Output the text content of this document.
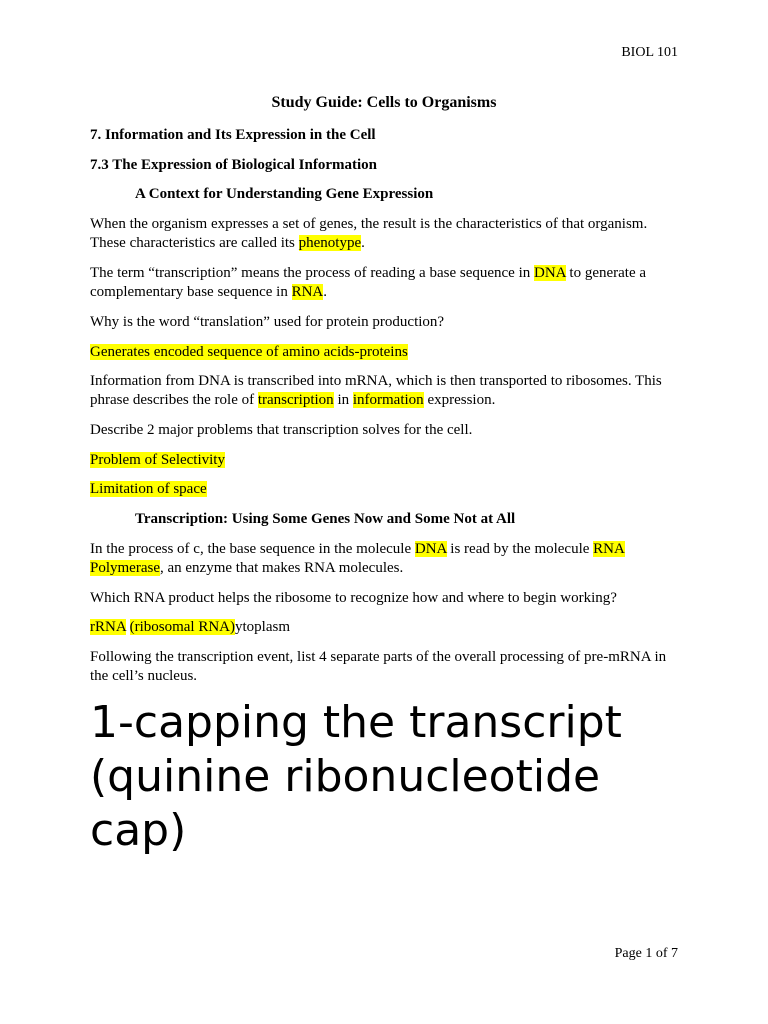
BIOL 101
Study Guide: Cells to Organisms
7. Information and Its Expression in the Cell
7.3 The Expression of Biological Information
A Context for Understanding Gene Expression
When the organism expresses a set of genes, the result is the characteristics of that organism. These characteristics are called its phenotype.
The term “transcription” means the process of reading a base sequence in DNA to generate a complementary base sequence in RNA.
Why is the word “translation” used for protein production?
Generates encoded sequence of amino acids-proteins
Information from DNA is transcribed into mRNA, which is then transported to ribosomes. This phrase describes the role of transcription in information expression.
Describe 2 major problems that transcription solves for the cell.
Problem of Selectivity
Limitation of space
Transcription: Using Some Genes Now and Some Not at All
In the process of c, the base sequence in the molecule DNA is read by the molecule RNA Polymerase, an enzyme that makes RNA molecules.
Which RNA product helps the ribosome to recognize how and where to begin working?
rRNA (ribosomal RNA)ytoplasm
Following the transcription event, list 4 separate parts of the overall processing of pre-mRNA in the cell’s nucleus.
1-capping the transcript (quinine ribonucleotide cap)
Page 1 of 7
